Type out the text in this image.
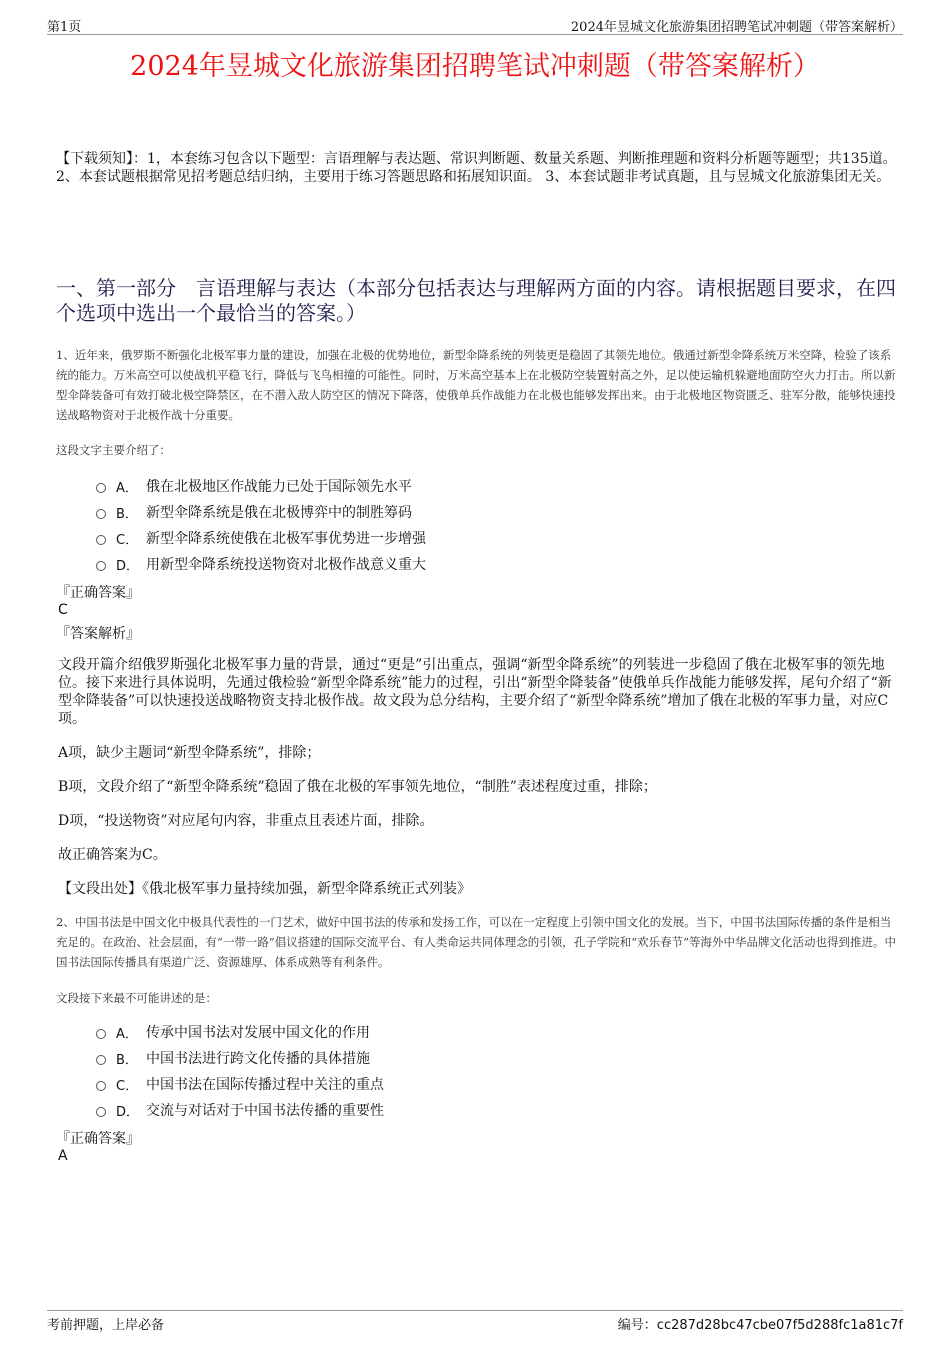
第1页	2024年昱城文化旅游集团招聘笔试冲刺题（带答案解析）
2024年昱城文化旅游集团招聘笔试冲刺题（带答案解析）
【下载须知】：1，本套练习包含以下题型：言语理解与表达题、常识判断题、数量关系题、判断推理题和资料分析题等题型；共135道。 2、本套试题根据常见招考题总结归纳，主要用于练习答题思路和拓展知识面。 3、本套试题非考试真题，且与昱城文化旅游集团无关。
一、第一部分　言语理解与表达（本部分包括表达与理解两方面的内容。请根据题目要求，在四个选项中选出一个最恰当的答案。）
1、近年来，俄罗斯不断强化北极军事力量的建设，加强在北极的优势地位，新型伞降系统的列装更是稳固了其领先地位。俄通过新型伞降系统万米空降，检验了该系统的能力。万米高空可以使战机平稳飞行，降低与飞鸟相撞的可能性。同时，万米高空基本上在北极防空装置射高之外，足以使运输机躲避地面防空火力打击。所以新型伞降装备可有效打破北极空降禁区，在不潜入敌人防空区的情况下降落，使俄单兵作战能力在北极也能够发挥出来。由于北极地区物资匮乏、驻军分散，能够快速投送战略物资对于北极作战十分重要。
这段文字主要介绍了：
A． 俄在北极地区作战能力已处于国际领先水平
B． 新型伞降系统是俄在北极博弈中的制胜筹码
C． 新型伞降系统使俄在北极军事优势进一步增强
D． 用新型伞降系统投送物资对北极作战意义重大
『正确答案』
C
『答案解析』
文段开篇介绍俄罗斯强化北极军事力量的背景，通过“更是”引出重点，强调“新型伞降系统”的列装进一步稳固了俄在北极军事的领先地位。接下来进行具体说明，先通过俄检验“新型伞降系统”能力的过程，引出“新型伞降装备”使俄单兵作战能力能够发挥，尾句介绍了“新型伞降装备”可以快速投送战略物资支持北极作战。故文段为总分结构，主要介绍了“新型伞降系统”增加了俄在北极的军事力量，对应C项。
A项，缺少主题词“新型伞降系统”，排除；
B项，文段介绍了“新型伞降系统”稳固了俄在北极的军事领先地位，“制胜”表述程度过重，排除；
D项，“投送物资”对应尾句内容，非重点且表述片面，排除。
故正确答案为C。
【文段出处】《俄北极军事力量持续加强，新型伞降系统正式列装》
2、中国书法是中国文化中极具代表性的一门艺术，做好中国书法的传承和发扬工作，可以在一定程度上引领中国文化的发展。当下，中国书法国际传播的条件是相当充足的。在政治、社会层面，有“一带一路”倡议搭建的国际交流平台、有人类命运共同体理念的引领，孔子学院和“欢乐春节”等海外中华品牌文化活动也得到推进。中国书法国际传播具有渠道广泛、资源雄厚、体系成熟等有利条件。
文段接下来最不可能讲述的是：
A． 传承中国书法对发展中国文化的作用
B． 中国书法进行跨文化传播的具体措施
C． 中国书法在国际传播过程中关注的重点
D． 交流与对话对于中国书法传播的重要性
『正确答案』
A
考前押题，上岸必备	编号：cc287d28bc47cbe07f5d288fc1a81c7f
